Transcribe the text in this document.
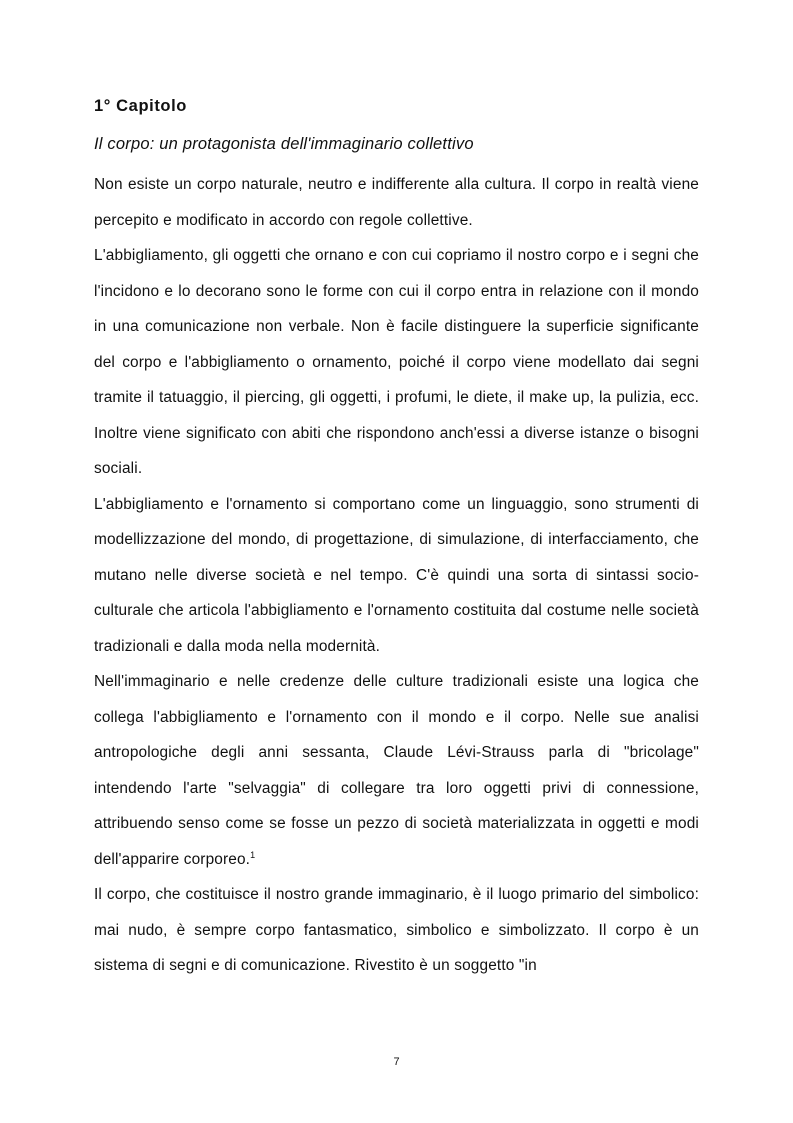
1° Capitolo
Il corpo: un protagonista dell'immaginario collettivo

Non esiste un corpo naturale, neutro e indifferente alla cultura. Il corpo in realtà viene percepito e modificato in accordo con regole collettive.

L'abbigliamento, gli oggetti che ornano e con cui copriamo il nostro corpo e i segni che l'incidono e lo decorano sono le forme con cui il corpo entra in relazione con il mondo in una comunicazione non verbale. Non è facile distinguere la superficie significante del corpo e l'abbigliamento o ornamento, poiché il corpo viene modellato dai segni tramite il tatuaggio, il piercing, gli oggetti, i profumi, le diete, il make up, la pulizia, ecc. Inoltre viene significato con abiti che rispondono anch'essi a diverse istanze o bisogni sociali.

L'abbigliamento e l'ornamento si comportano come un linguaggio, sono strumenti di modellizzazione del mondo, di progettazione, di simulazione, di interfacciamento, che mutano nelle diverse società e nel tempo. C'è quindi una sorta di sintassi socio-culturale che articola l'abbigliamento e l'ornamento costituita dal costume nelle società tradizionali e dalla moda nella modernità.

Nell'immaginario e nelle credenze delle culture tradizionali esiste una logica che collega l'abbigliamento e l'ornamento con il mondo e il corpo. Nelle sue analisi antropologiche degli anni sessanta, Claude Lévi-Strauss parla di "bricolage" intendendo l'arte "selvaggia" di collegare tra loro oggetti privi di connessione, attribuendo senso come se fosse un pezzo di società materializzata in oggetti e modi dell'apparire corporeo.$^1$

Il corpo, che costituisce il nostro grande immaginario, è il luogo primario del simbolico: mai nudo, è sempre corpo fantasmatico, simbolico e simbolizzato. Il corpo è un sistema di segni e di comunicazione. Rivestito è un soggetto "in

7
